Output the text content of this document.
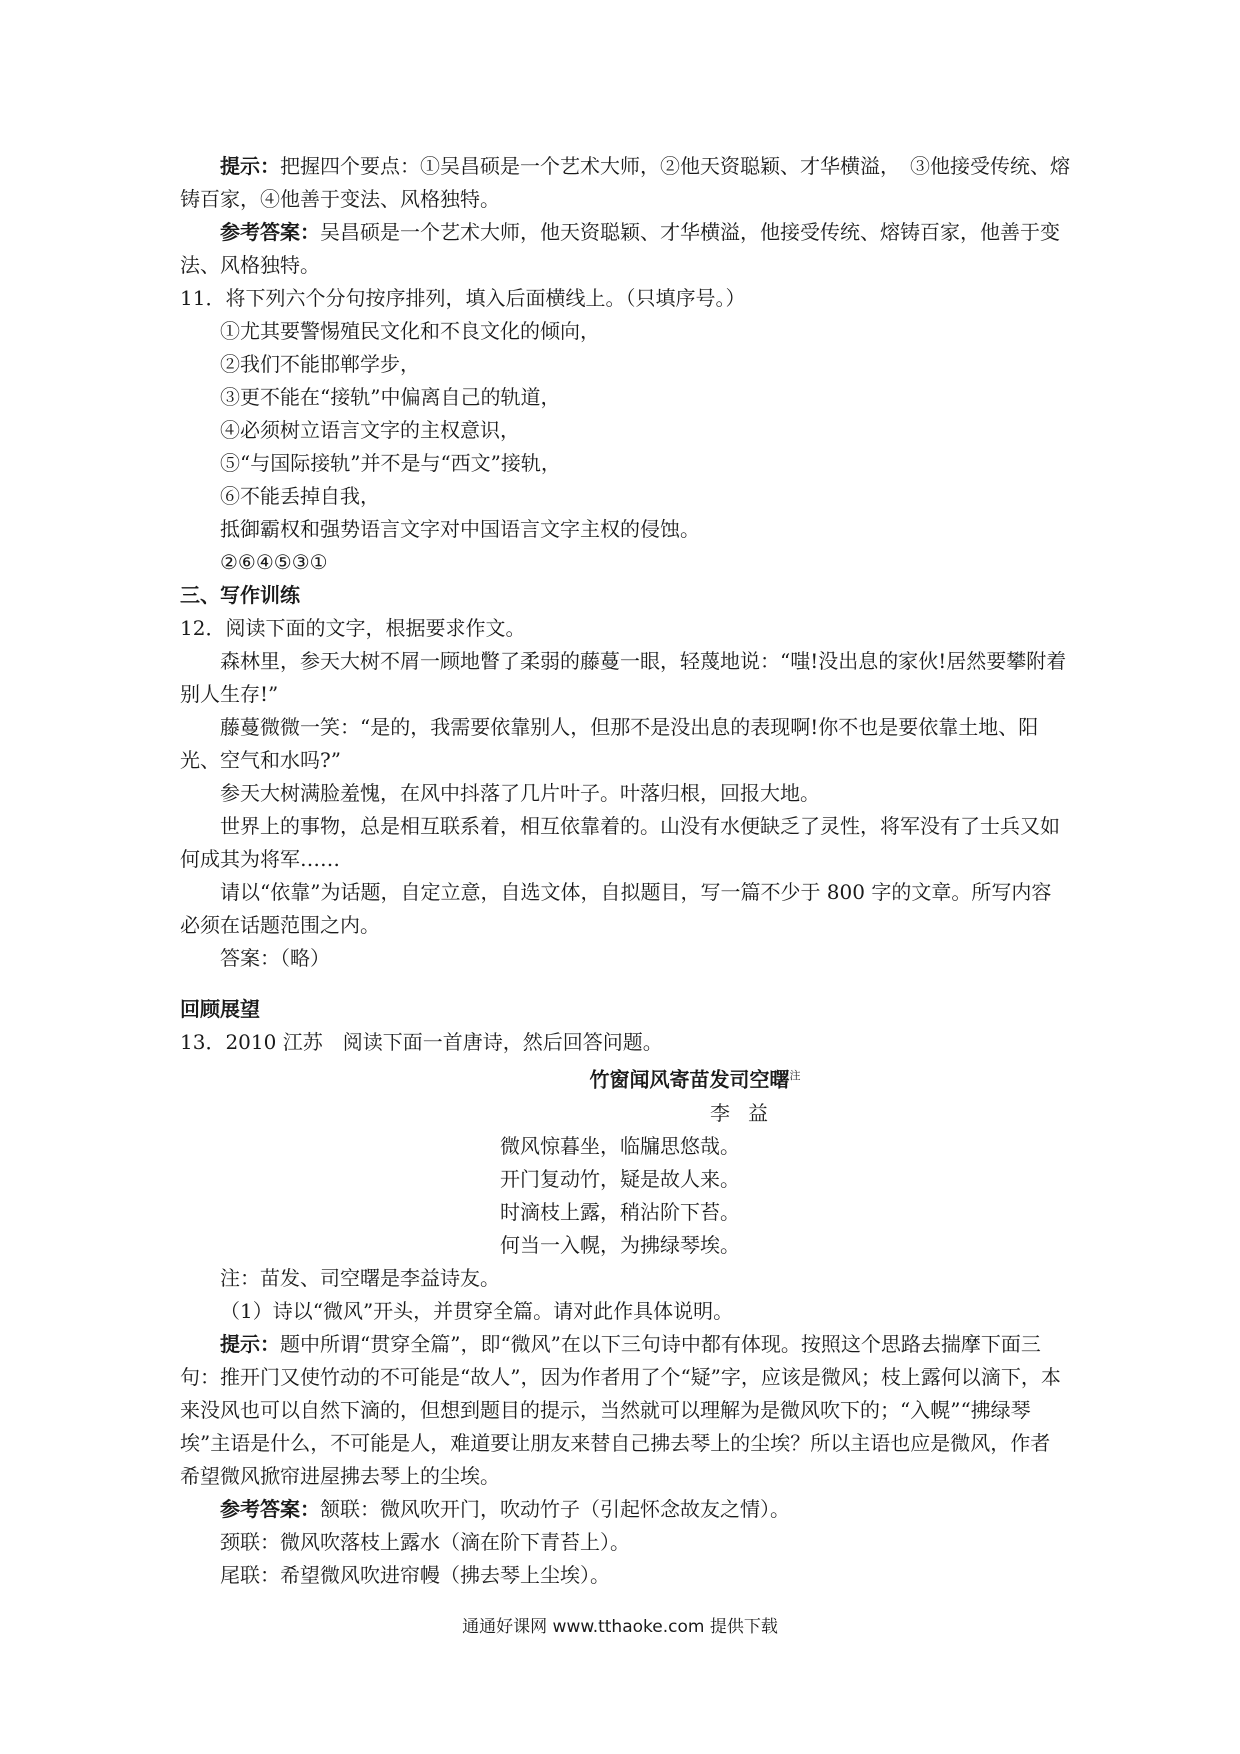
提示：把握四个要点：①吴昌硕是一个艺术大师，②他天资聪颖、才华横溢，　③他接受传统、熔铸百家，④他善于变法、风格独特。

参考答案：吴昌硕是一个艺术大师，他天资聪颖、才华横溢，他接受传统、熔铸百家，他善于变法、风格独特。

11．将下列六个分句按序排列，填入后面横线上。（只填序号。）

①尤其要警惕殖民文化和不良文化的倾向，

②我们不能邯郸学步，

③更不能在“接轨”中偏离自己的轨道，

④必须树立语言文字的主权意识，

⑤“与国际接轨”并不是与“西文”接轨，

⑥不能丢掉自我，

抵御霸权和强势语言文字对中国语言文字主权的侵蚀。

②⑥④⑤③①

三、写作训练

12．阅读下面的文字，根据要求作文。

森林里，参天大树不屑一顾地瞥了柔弱的藤蔓一眼，轻蔑地说：“嗤!没出息的家伙!居然要攀附着别人生存!”

藤蔓微微一笑：“是的，我需要依靠别人，但那不是没出息的表现啊!你不也是要依靠土地、阳光、空气和水吗?”

参天大树满脸羞愧，在风中抖落了几片叶子。叶落归根，回报大地。

世界上的事物，总是相互联系着，相互依靠着的。山没有水便缺乏了灵性，将军没有了士兵又如何成其为将军……

请以“依靠”为话题，自定立意，自选文体，自拟题目，写一篇不少于 800 字的文章。所写内容必须在话题范围之内。

答案：（略）

回顾展望

13．2010 江苏　阅读下面一首唐诗，然后回答问题。

竹窗闻风寄苗发司空曙$^注$

李益

微风惊暮坐，临牖思悠哉。

开门复动竹，疑是故人来。

时滴枝上露，稍沾阶下苔。

何当一入幌，为拂绿琴埃。

注：苗发、司空曙是李益诗友。

（1）诗以“微风”开头，并贯穿全篇。请对此作具体说明。

提示：题中所谓“贯穿全篇”，即“微风”在以下三句诗中都有体现。按照这个思路去揣摩下面三句：推开门又使竹动的不可能是“故人”，因为作者用了个“疑”字，应该是微风；枝上露何以滴下，本来没风也可以自然下滴的，但想到题目的提示，当然就可以理解为是微风吹下的；“入幌”“拂绿琴埃”主语是什么，不可能是人，难道要让朋友来替自己拂去琴上的尘埃？所以主语也应是微风，作者希望微风掀帘进屋拂去琴上的尘埃。

参考答案：颔联：微风吹开门，吹动竹子（引起怀念故友之情）。

颈联：微风吹落枝上露水（滴在阶下青苔上）。

尾联：希望微风吹进帘幔（拂去琴上尘埃）。

通通好课网 www.tthaoke.com 提供下载
